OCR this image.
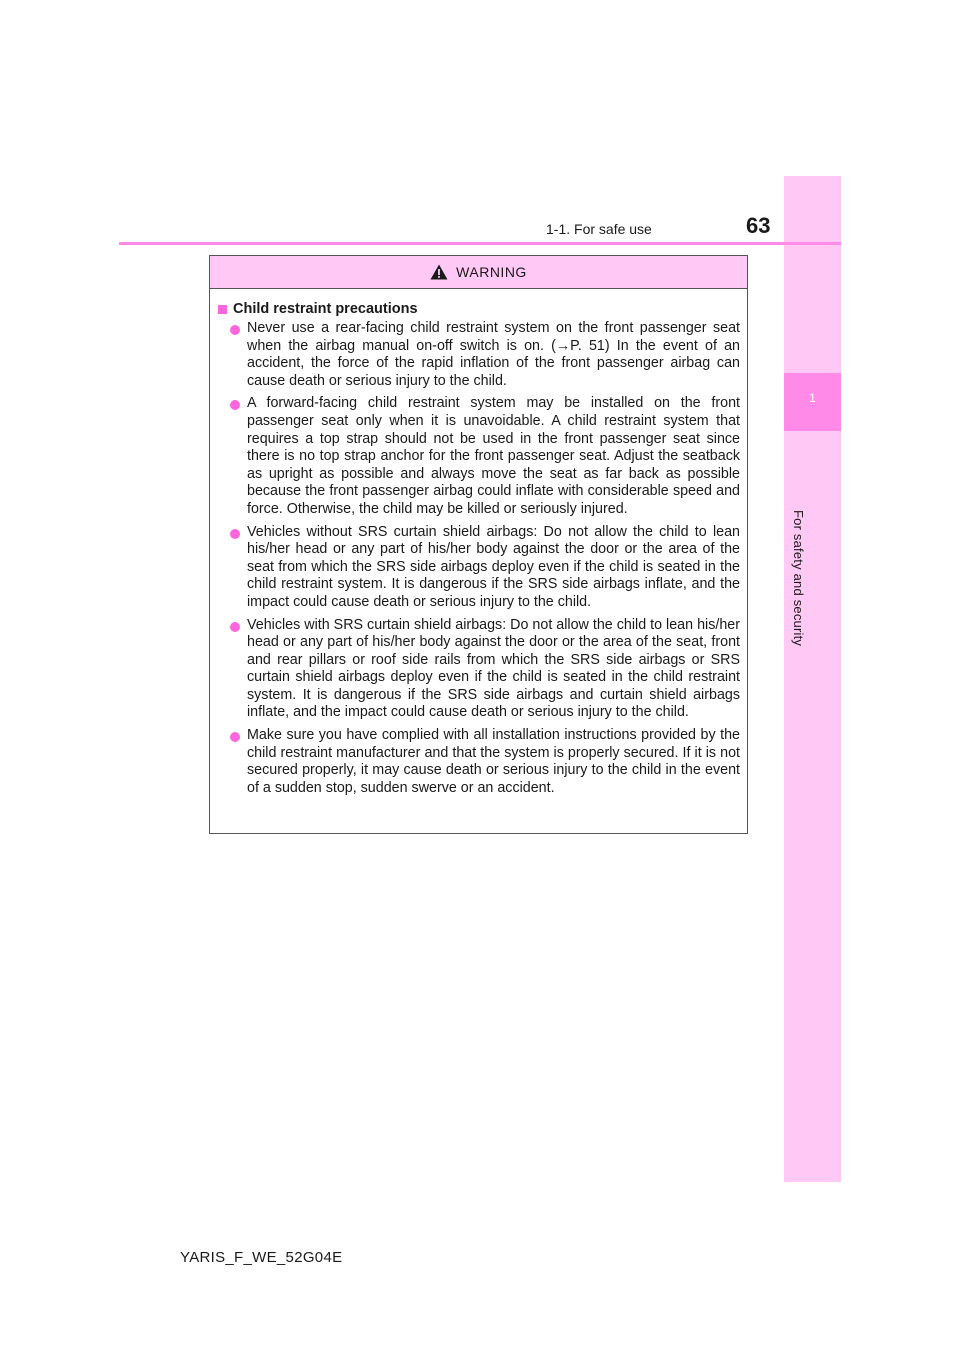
1
For safety and security
1-1. For safe use	63
WARNING
Child restraint precautions
Never use a rear-facing child restraint system on the front passenger seat when the airbag manual on-off switch is on. (→P. 51) In the event of an accident, the force of the rapid inflation of the front passenger airbag can cause death or serious injury to the child.
A forward-facing child restraint system may be installed on the front passenger seat only when it is unavoidable. A child restraint system that requires a top strap should not be used in the front passenger seat since there is no top strap anchor for the front passenger seat. Adjust the seatback as upright as possible and always move the seat as far back as possible because the front passenger airbag could inflate with considerable speed and force. Otherwise, the child may be killed or seriously injured.
Vehicles without SRS curtain shield airbags: Do not allow the child to lean his/her head or any part of his/her body against the door or the area of the seat from which the SRS side airbags deploy even if the child is seated in the child restraint system. It is dangerous if the SRS side airbags inflate, and the impact could cause death or serious injury to the child.
Vehicles with SRS curtain shield airbags: Do not allow the child to lean his/her head or any part of his/her body against the door or the area of the seat, front and rear pillars or roof side rails from which the SRS side airbags or SRS curtain shield airbags deploy even if the child is seated in the child restraint system. It is dangerous if the SRS side airbags and curtain shield airbags inflate, and the impact could cause death or serious injury to the child.
Make sure you have complied with all installation instructions provided by the child restraint manufacturer and that the system is properly secured. If it is not secured properly, it may cause death or serious injury to the child in the event of a sudden stop, sudden swerve or an accident.
YARIS_F_WE_52G04E
